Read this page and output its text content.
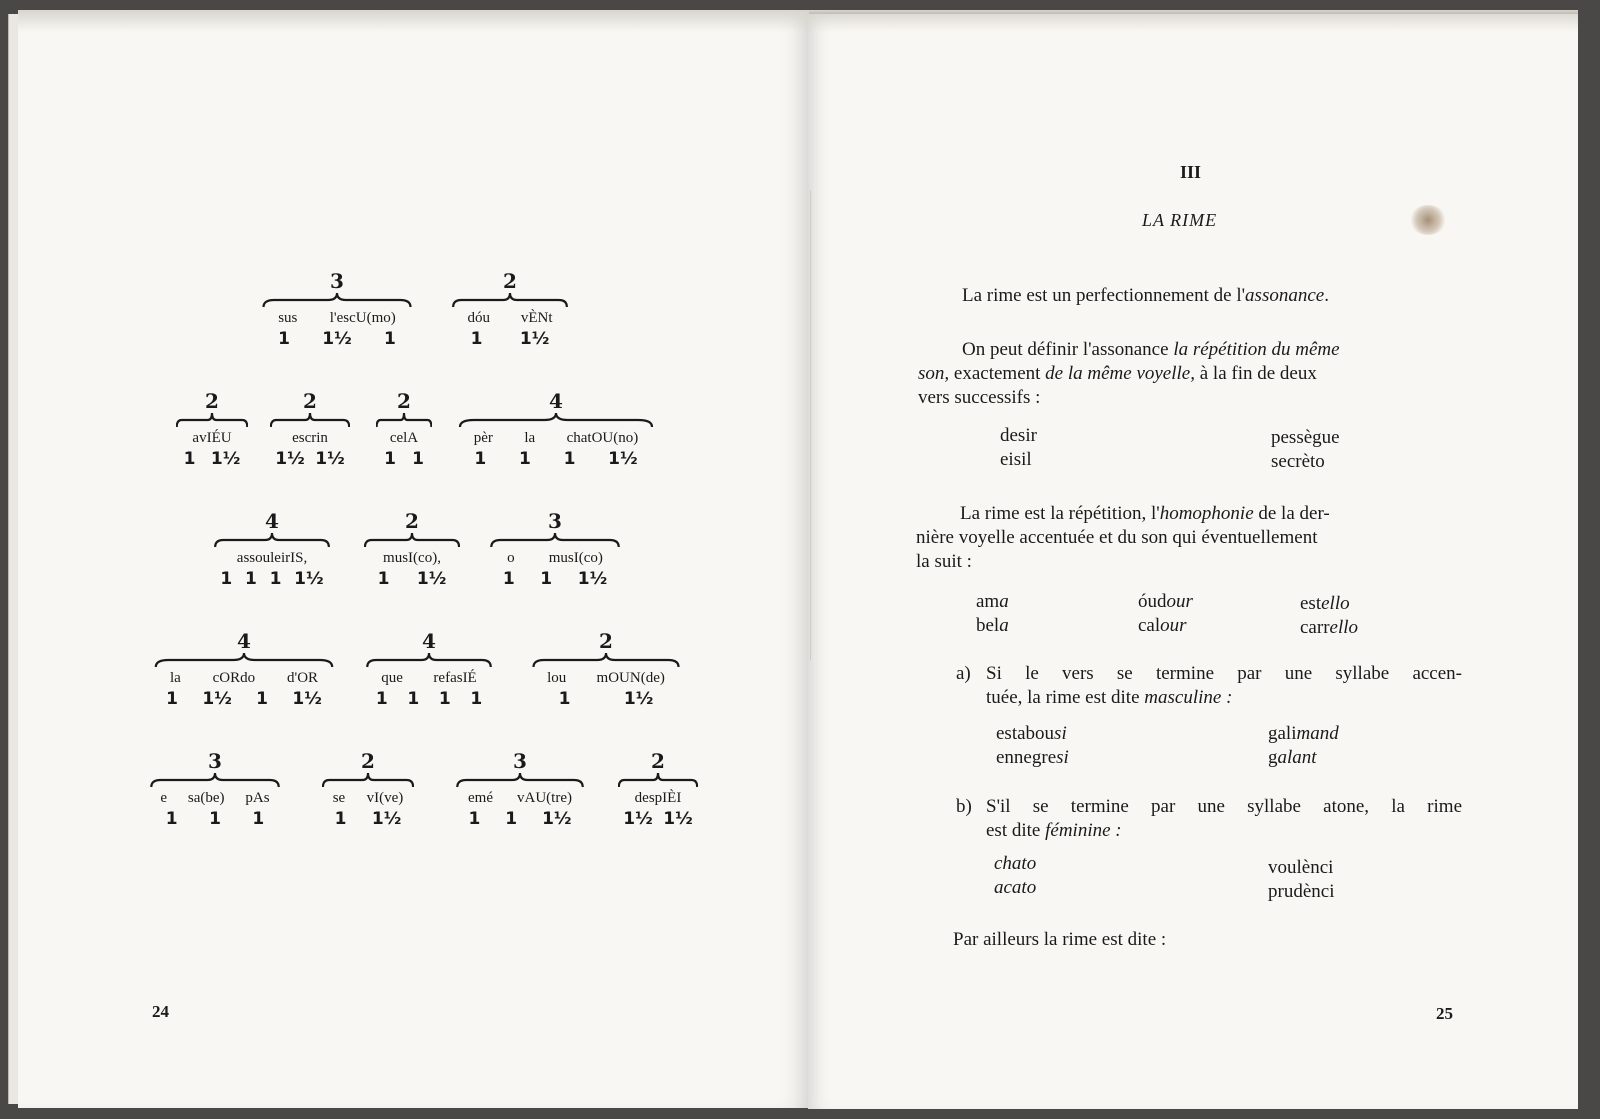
3
sus l'escU(mo)
1 1½ 1
2
dóu vÈNt
1 1½
2
avIÉU
1 1½
2
escrin
1½ 1½
2
celA
1 1
4
pèr la chatOU(no)
1 1 1 1½
4
assouleirIS,
1 1 1 1½
2
musI(co),
1 1½
3
o musI(co)
1 1 1½
4
la cORdo d'OR
1 1½ 1 1½
4
que refasIÉ
1 1 1 1
2
lou mOUN(de)
1	1½
3
e sa(be) pAs
1 1 1
2
se vI(ve)
1 1½
3
emé vAU(tre)
1 1 1½
2
despIÈI
1½ 1½
24
III
LA RIME
La rime est un perfectionnement de l'assonance.
On peut définir l'assonance la répétition du même
son, exactement de la même voyelle, à la fin de deux
vers successifs :
desir
eisil
pessègue
secrèto
La rime est la répétition, l'homophonie de la der-
nière voyelle accentuée et du son qui éventuellement
la suit :
ama
bela
óudour
calour
estello
carrello
a) Si le vers se termine par une syllabe accen-
tuée, la rime est dite masculine :
estabousi
ennegresi
galimand
galant
b) S'il se termine par une syllabe atone, la rime
est dite féminine :
chato
acato
voulènci
prudènci
Par ailleurs la rime est dite :
25
